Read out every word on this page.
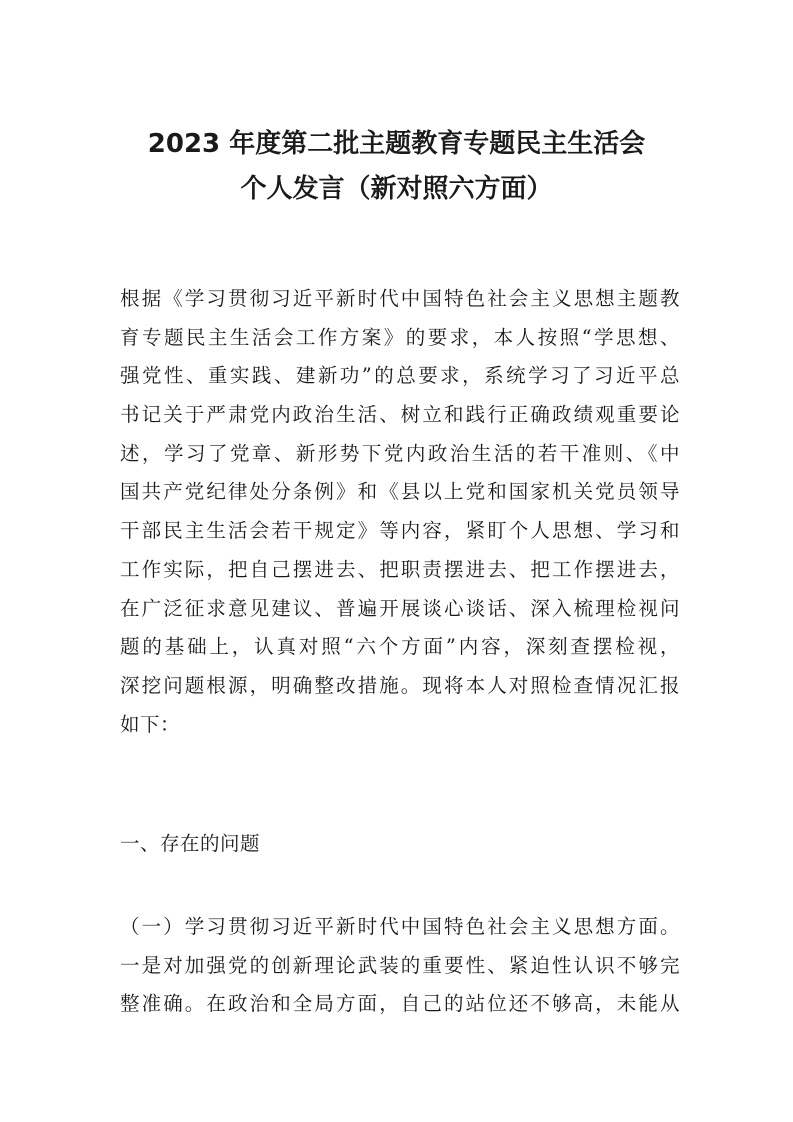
2023 年度第二批主题教育专题民主生活会
个人发言（新对照六方面）
根据《学习贯彻习近平新时代中国特色社会主义思想主题教
育专题民主生活会工作方案》的要求，本人按照“学思想、
强党性、重实践、建新功”的总要求，系统学习了习近平总
书记关于严肃党内政治生活、树立和践行正确政绩观重要论
述，学习了党章、新形势下党内政治生活的若干准则、《中
国共产党纪律处分条例》和《县以上党和国家机关党员领导
干部民主生活会若干规定》等内容，紧盯个人思想、学习和
工作实际，把自己摆进去、把职责摆进去、把工作摆进去，
在广泛征求意见建议、普遍开展谈心谈话、深入梳理检视问
题的基础上，认真对照“六个方面”内容，深刻查摆检视，
深挖问题根源，明确整改措施。现将本人对照检查情况汇报
如下：
一、存在的问题
（一）学习贯彻习近平新时代中国特色社会主义思想方面。
一是对加强党的创新理论武装的重要性、紧迫性认识不够完
整准确。在政治和全局方面，自己的站位还不够高，未能从
